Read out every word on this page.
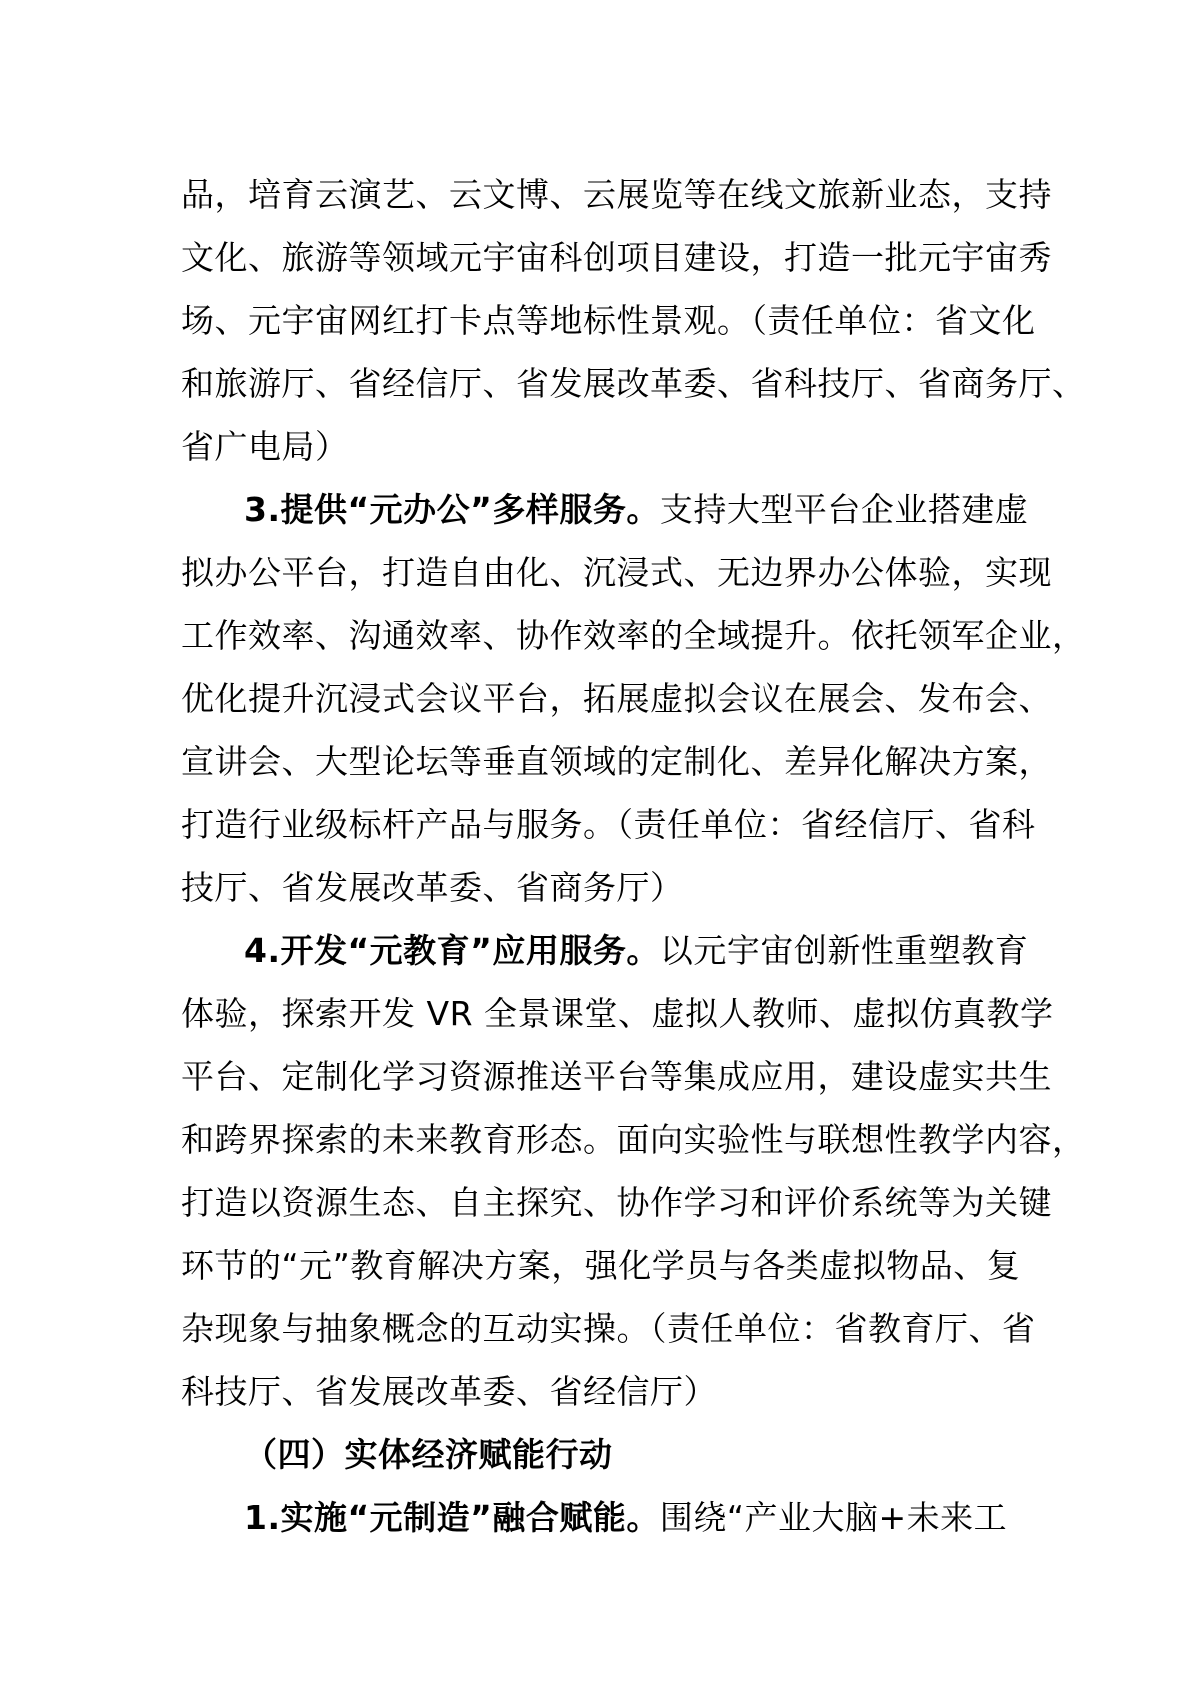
品，培育云演艺、云文博、云展览等在线文旅新业态，支持
文化、旅游等领域元宇宙科创项目建设，打造一批元宇宙秀
场、元宇宙网红打卡点等地标性景观。（责任单位：省文化
和旅游厅、省经信厅、省发展改革委、省科技厅、省商务厅、
省广电局）
3.提供“元办公”多样服务。支持大型平台企业搭建虚
拟办公平台，打造自由化、沉浸式、无边界办公体验，实现
工作效率、沟通效率、协作效率的全域提升。依托领军企业，
优化提升沉浸式会议平台，拓展虚拟会议在展会、发布会、
宣讲会、大型论坛等垂直领域的定制化、差异化解决方案，
打造行业级标杆产品与服务。（责任单位：省经信厅、省科
技厅、省发展改革委、省商务厅）
4.开发“元教育”应用服务。以元宇宙创新性重塑教育
体验，探索开发 VR 全景课堂、虚拟人教师、虚拟仿真教学
平台、定制化学习资源推送平台等集成应用，建设虚实共生
和跨界探索的未来教育形态。面向实验性与联想性教学内容，
打造以资源生态、自主探究、协作学习和评价系统等为关键
环节的“元”教育解决方案，强化学员与各类虚拟物品、复
杂现象与抽象概念的互动实操。（责任单位：省教育厅、省
科技厅、省发展改革委、省经信厅）
（四）实体经济赋能行动
1.实施“元制造”融合赋能。围绕“产业大脑+未来工
